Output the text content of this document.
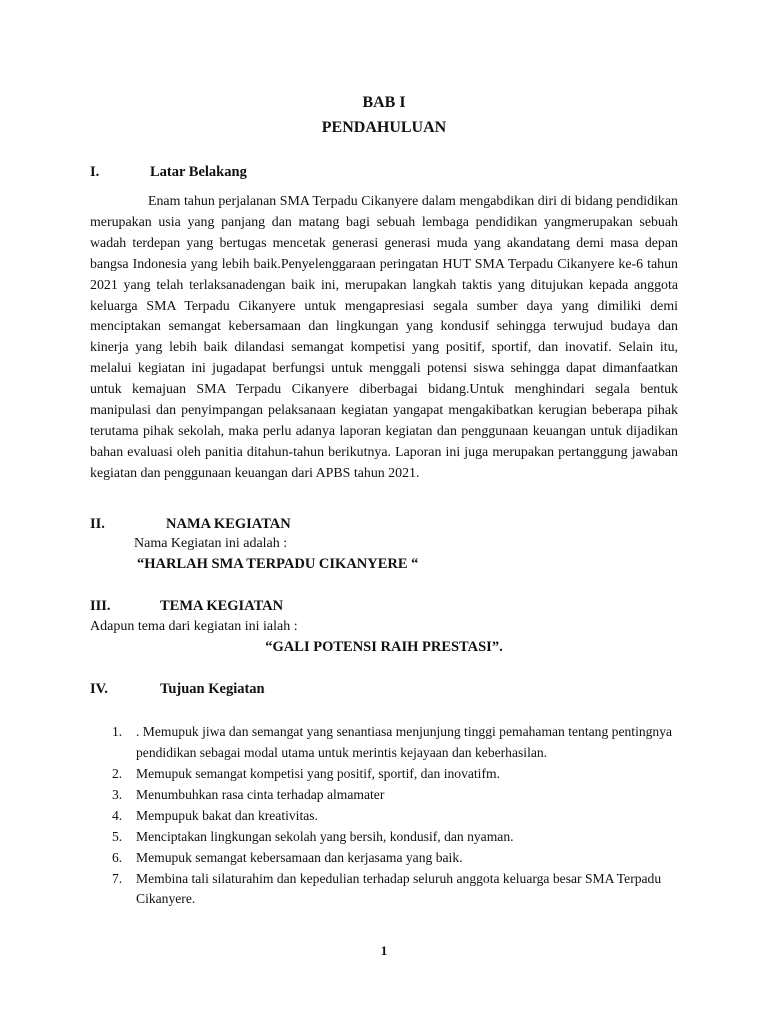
BAB I
PENDAHULUAN
I.	Latar Belakang

Enam tahun perjalanan SMA Terpadu Cikanyere dalam mengabdikan diri di bidang pendidikan merupakan usia yang panjang dan matang bagi sebuah lembaga pendidikan yangmerupakan sebuah wadah terdepan yang bertugas mencetak generasi generasi muda yang akandatang demi masa depan bangsa Indonesia yang lebih baik.Penyelenggaraan peringatan HUT SMA Terpadu Cikanyere ke-6 tahun 2021 yang telah terlaksanadengan baik ini, merupakan langkah taktis yang ditujukan kepada anggota keluarga SMA Terpadu Cikanyere untuk mengapresiasi segala sumber daya yang dimiliki demi menciptakan semangat kebersamaan dan lingkungan yang kondusif sehingga terwujud budaya dan kinerja yang lebih baik dilandasi semangat kompetisi yang positif, sportif, dan inovatif. Selain itu, melalui kegiatan ini jugadapat berfungsi untuk menggali potensi siswa sehingga dapat dimanfaatkan untuk kemajuan SMA Terpadu Cikanyere diberbagai bidang.Untuk menghindari segala bentuk manipulasi dan penyimpangan pelaksanaan kegiatan yangapat mengakibatkan kerugian beberapa pihak terutama pihak sekolah, maka perlu adanya laporan kegiatan dan penggunaan keuangan untuk dijadikan bahan evaluasi oleh panitia ditahun-tahun berikutnya. Laporan ini juga merupakan pertanggung jawaban kegiatan dan penggunaan keuangan dari APBS tahun 2021.

II.	NAMA KEGIATAN
Nama Kegiatan ini adalah :
“HARLAH SMA TERPADU CIKANYERE “
III.	TEMA KEGIATAN
Adapun tema dari kegiatan ini ialah :
“GALI POTENSI RAIH PRESTASI”.
IV.	Tujuan Kegiatan
1. . Memupuk jiwa dan semangat yang senantiasa menjunjung tinggi pemahaman tentang pentingnya pendidikan sebagai modal utama untuk merintis kejayaan dan keberhasilan.
2. Memupuk semangat kompetisi yang positif, sportif, dan inovatifm.
3. Menumbuhkan rasa cinta terhadap almamater
4. Mempupuk bakat dan kreativitas.
5. Menciptakan lingkungan sekolah yang bersih, kondusif, dan nyaman.
6. Memupuk semangat kebersamaan dan kerjasama yang baik.
7. Membina tali silaturahim dan kepedulian terhadap seluruh anggota keluarga besar SMA Terpadu Cikanyere.
1
